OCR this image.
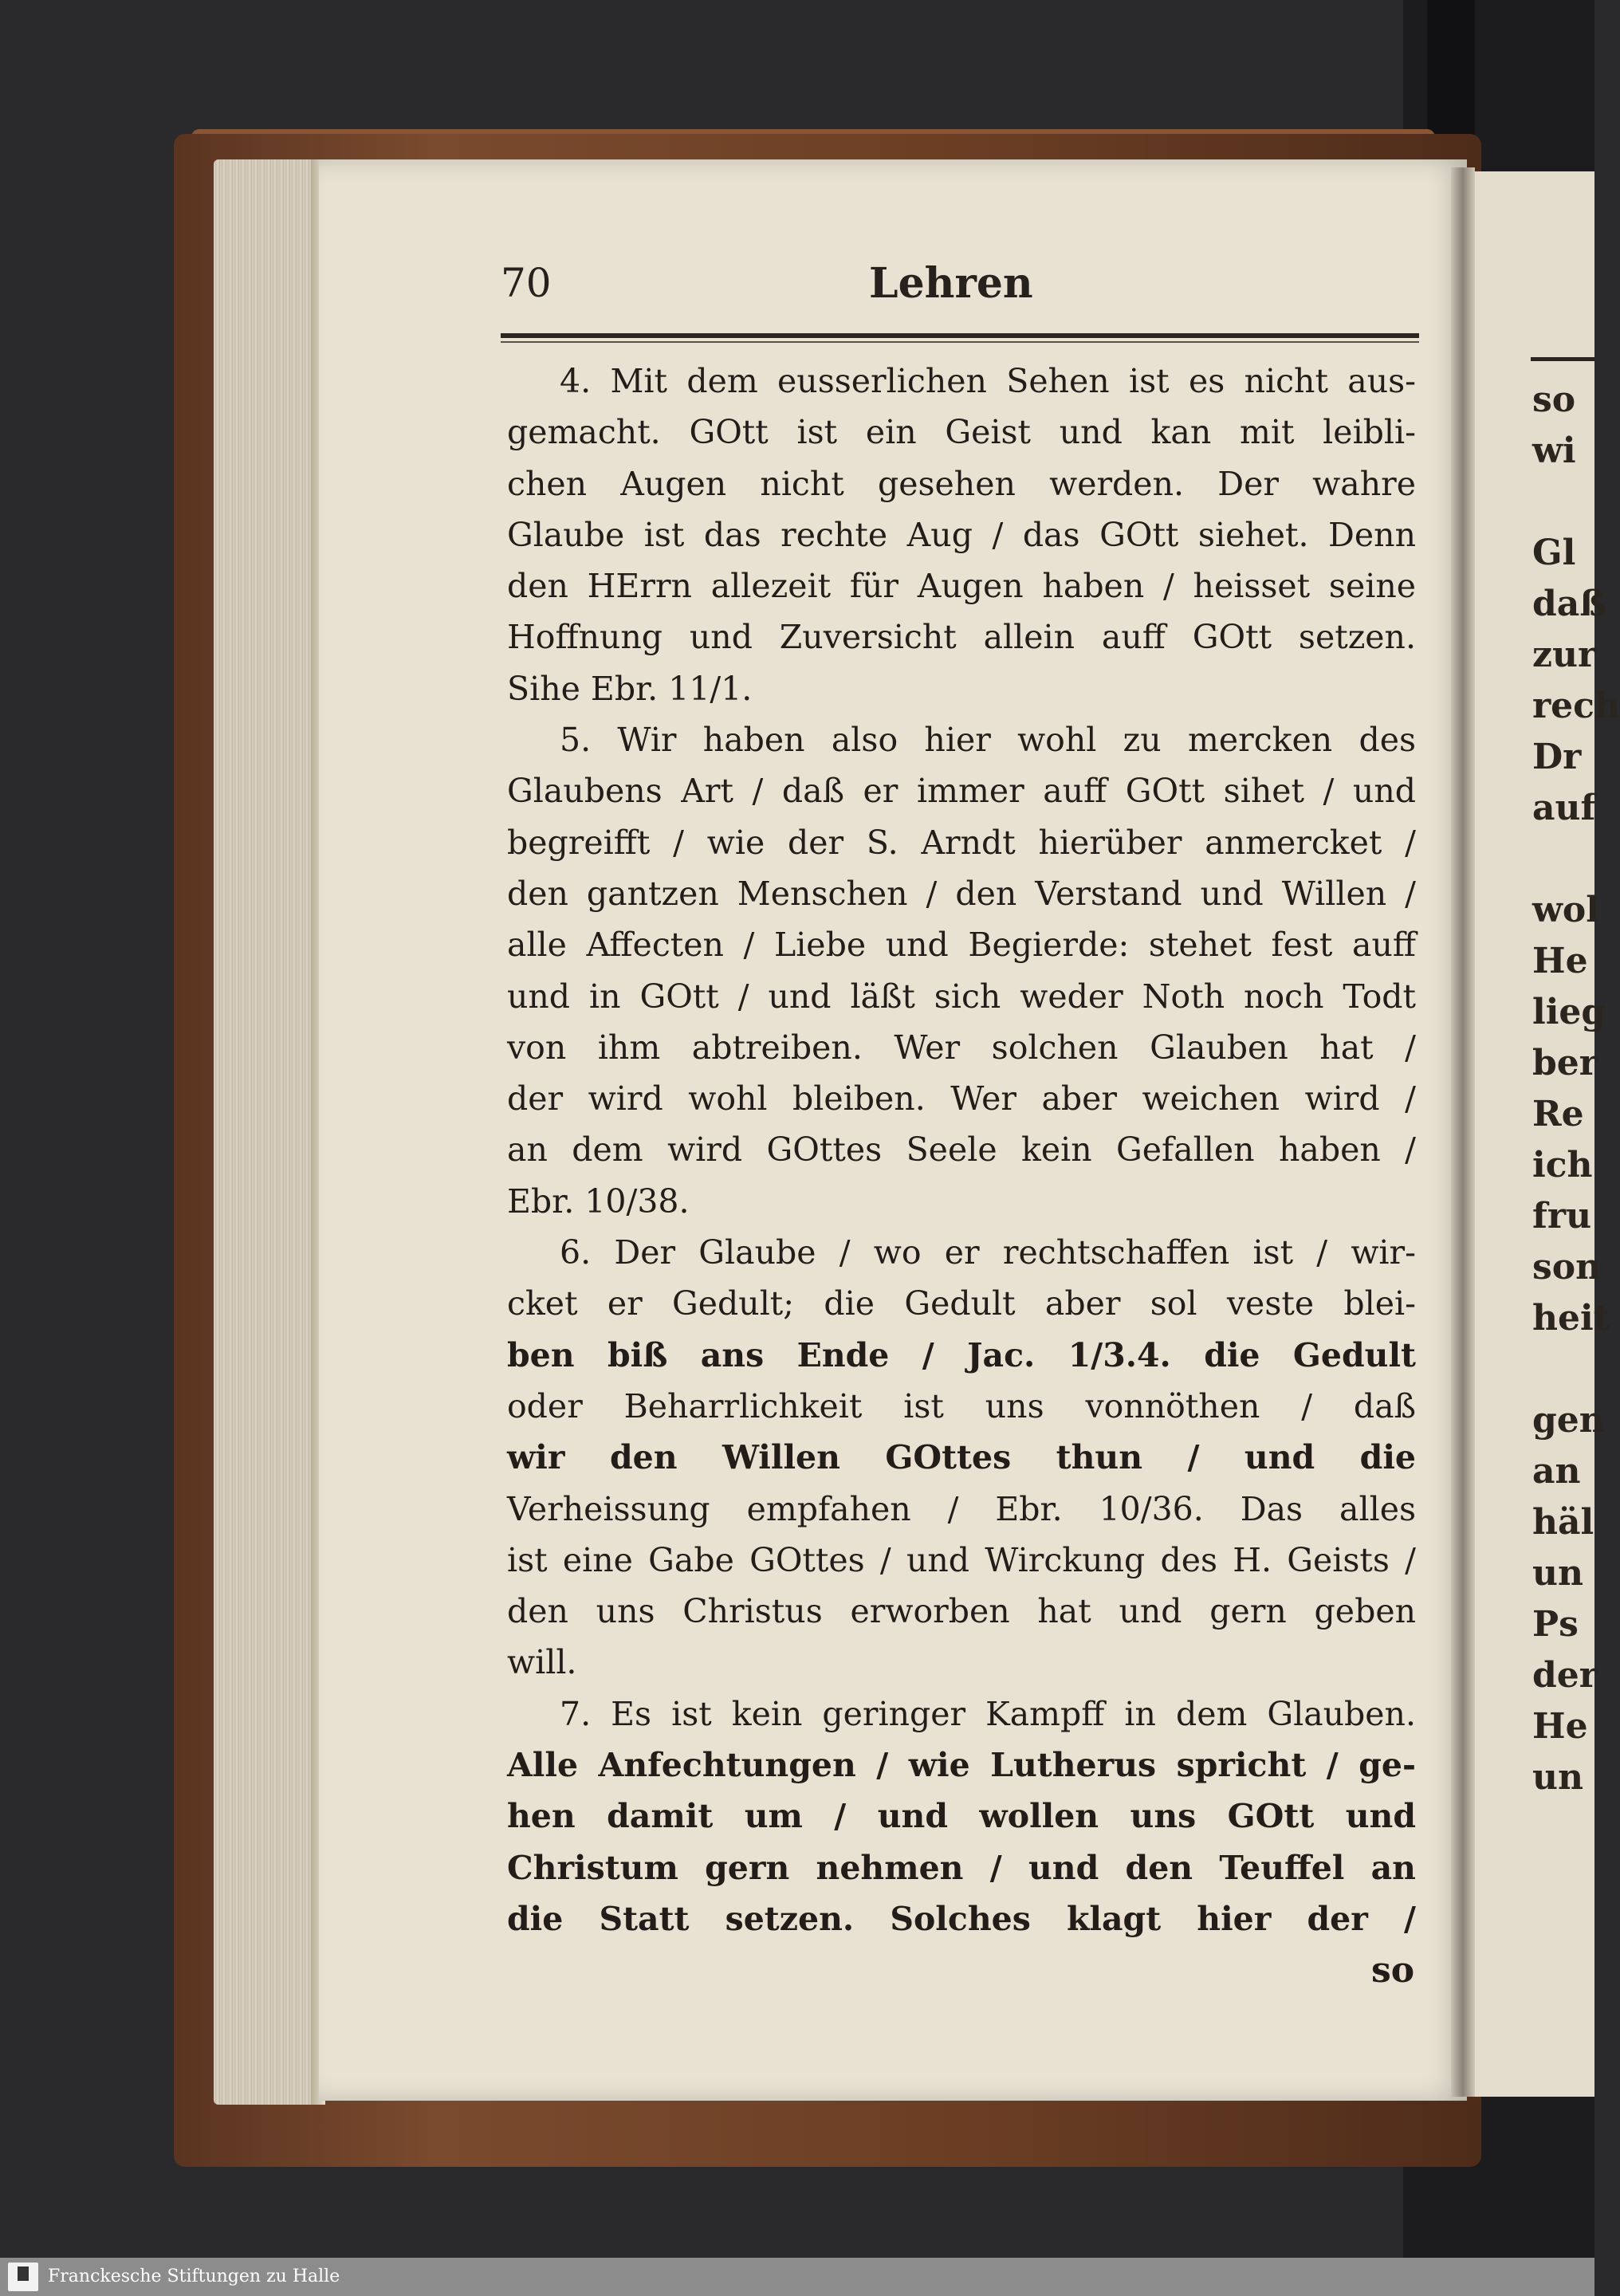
so
wi
Gl
daß
zur
rech
Dr
auf
wol
He
lieg
ber
Re
ich
fru
son
heit
gen
an
häl
un
Ps
der
He
un
70	Lehren
4. Mit dem eusserlichen Sehen ist es nicht aus-
gemacht. GOtt ist ein Geist und kan mit leibli-
chen Augen nicht gesehen werden. Der wahre
Glaube ist das rechte Aug / das GOtt siehet. Denn
den HErrn allezeit für Augen haben / heisset seine
Hoffnung und Zuversicht allein auff GOtt setzen.
Sihe Ebr. 11/1.
5. Wir haben also hier wohl zu mercken des
Glaubens Art / daß er immer auff GOtt sihet / und
begreifft / wie der S. Arndt hierüber anmercket /
den gantzen Menschen / den Verstand und Willen /
alle Affecten / Liebe und Begierde: stehet fest auff
und in GOtt / und läßt sich weder Noth noch Todt
von ihm abtreiben. Wer solchen Glauben hat /
der wird wohl bleiben. Wer aber weichen wird /
an dem wird GOttes Seele kein Gefallen haben /
Ebr. 10/38.
6. Der Glaube / wo er rechtschaffen ist / wir-
cket er Gedult; die Gedult aber sol veste blei-
ben biß ans Ende / Jac. 1/3.4. die Gedult
oder Beharrlichkeit ist uns vonnöthen / daß
wir den Willen GOttes thun / und die
Verheissung empfahen / Ebr. 10/36. Das alles
ist eine Gabe GOttes / und Wirckung des H. Geists /
den uns Christus erworben hat und gern geben
will.
7. Es ist kein geringer Kampff in dem Glauben.
Alle Anfechtungen / wie Lutherus spricht / ge-
hen damit um / und wollen uns GOtt und
Christum gern nehmen / und den Teuffel an
die Statt setzen. Solches klagt hier der /
so
Franckesche Stiftungen zu Halle
